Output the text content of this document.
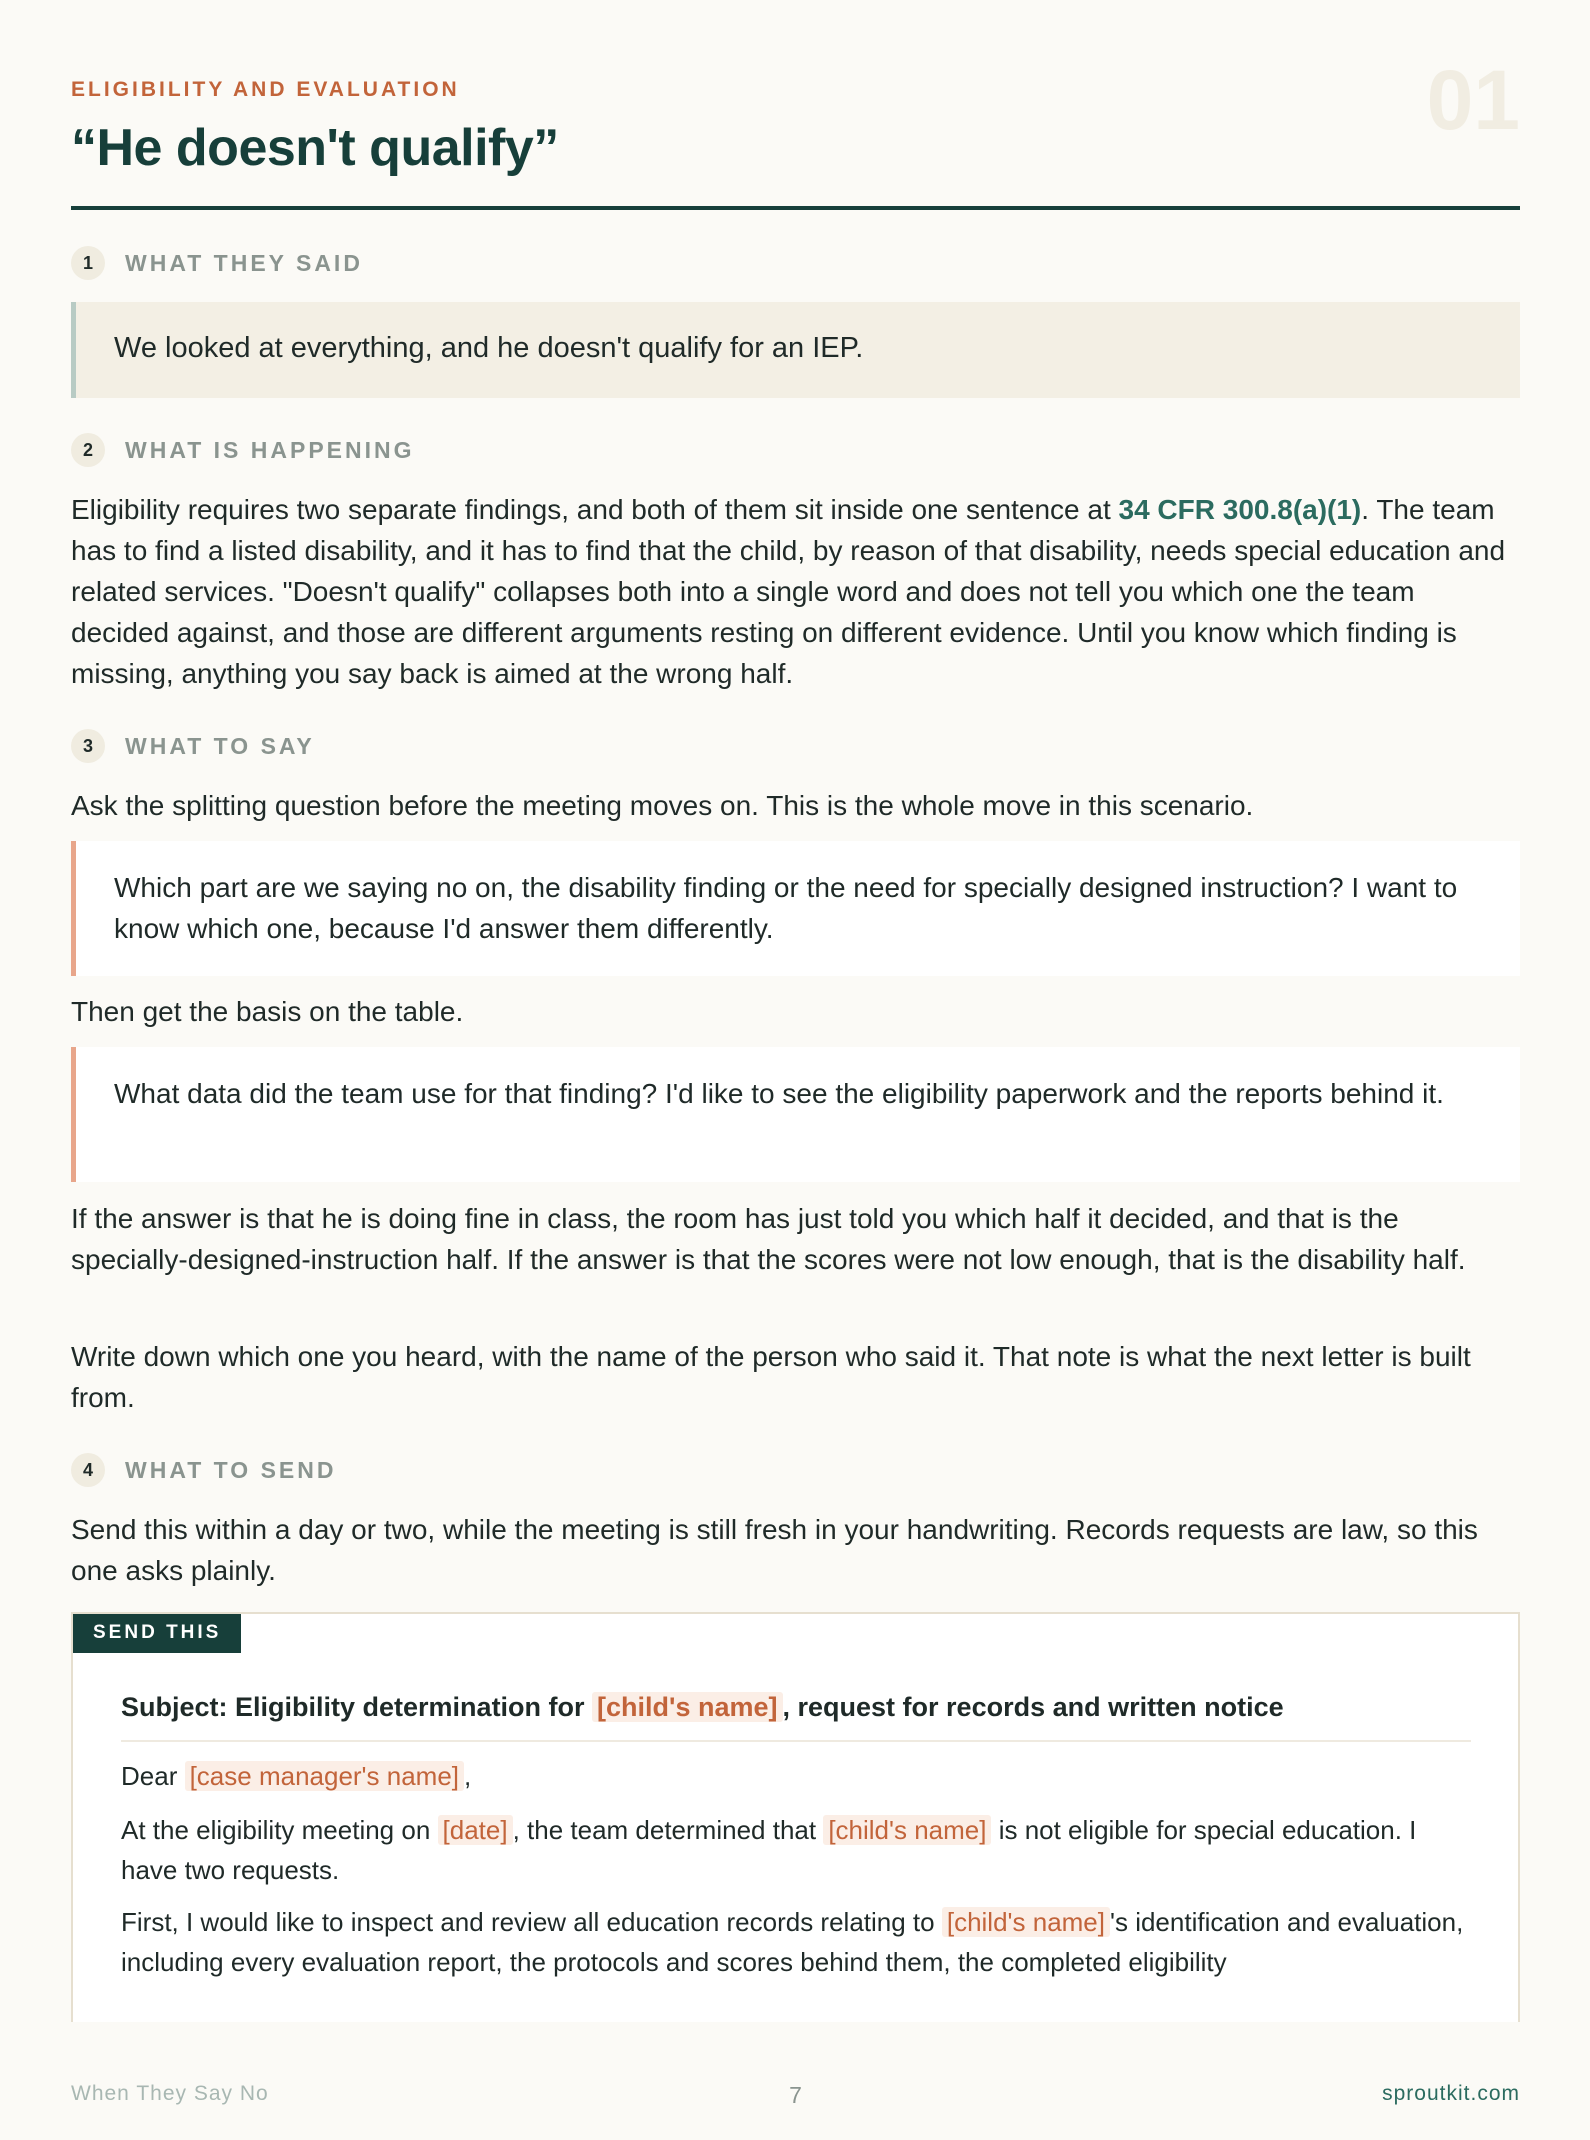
ELIGIBILITY AND EVALUATION
“He doesn't qualify”
01
1	WHAT THEY SAID
We looked at everything, and he doesn't qualify for an IEP.
2	WHAT IS HAPPENING

Eligibility requires two separate findings, and both of them sit inside one sentence at 34 CFR 300.8(a)(1). The team has to find a listed disability, and it has to find that the child, by reason of that disability, needs special education and related services. "Doesn't qualify" collapses both into a single word and does not tell you which one the team decided against, and those are different arguments resting on different evidence. Until you know which finding is missing, anything you say back is aimed at the wrong half.

3	WHAT TO SAY

Ask the splitting question before the meeting moves on. This is the whole move in this scenario.

Which part are we saying no on, the disability finding or the need for specially designed instruction? I want to know which one, because I'd answer them differently.

Then get the basis on the table.

What data did the team use for that finding? I'd like to see the eligibility paperwork and the reports behind it.

If the answer is that he is doing fine in class, the room has just told you which half it decided, and that is the specially-designed-instruction half. If the answer is that the scores were not low enough, that is the disability half.

Write down which one you heard, with the name of the person who said it. That note is what the next letter is built from.

4	WHAT TO SEND

Send this within a day or two, while the meeting is still fresh in your handwriting. Records requests are law, so this one asks plainly.

SEND THIS
Subject: Eligibility determination for [child's name] , request for records and written notice

Dear [case manager's name] ,

At the eligibility meeting on [date] , the team determined that [child's name] is not eligible for special education. I have two requests.

First, I would like to inspect and review all education records relating to [child's name] 's identification and evaluation, including every evaluation report, the protocols and scores behind them, the completed eligibility

When They Say No	7	sproutkit.com
